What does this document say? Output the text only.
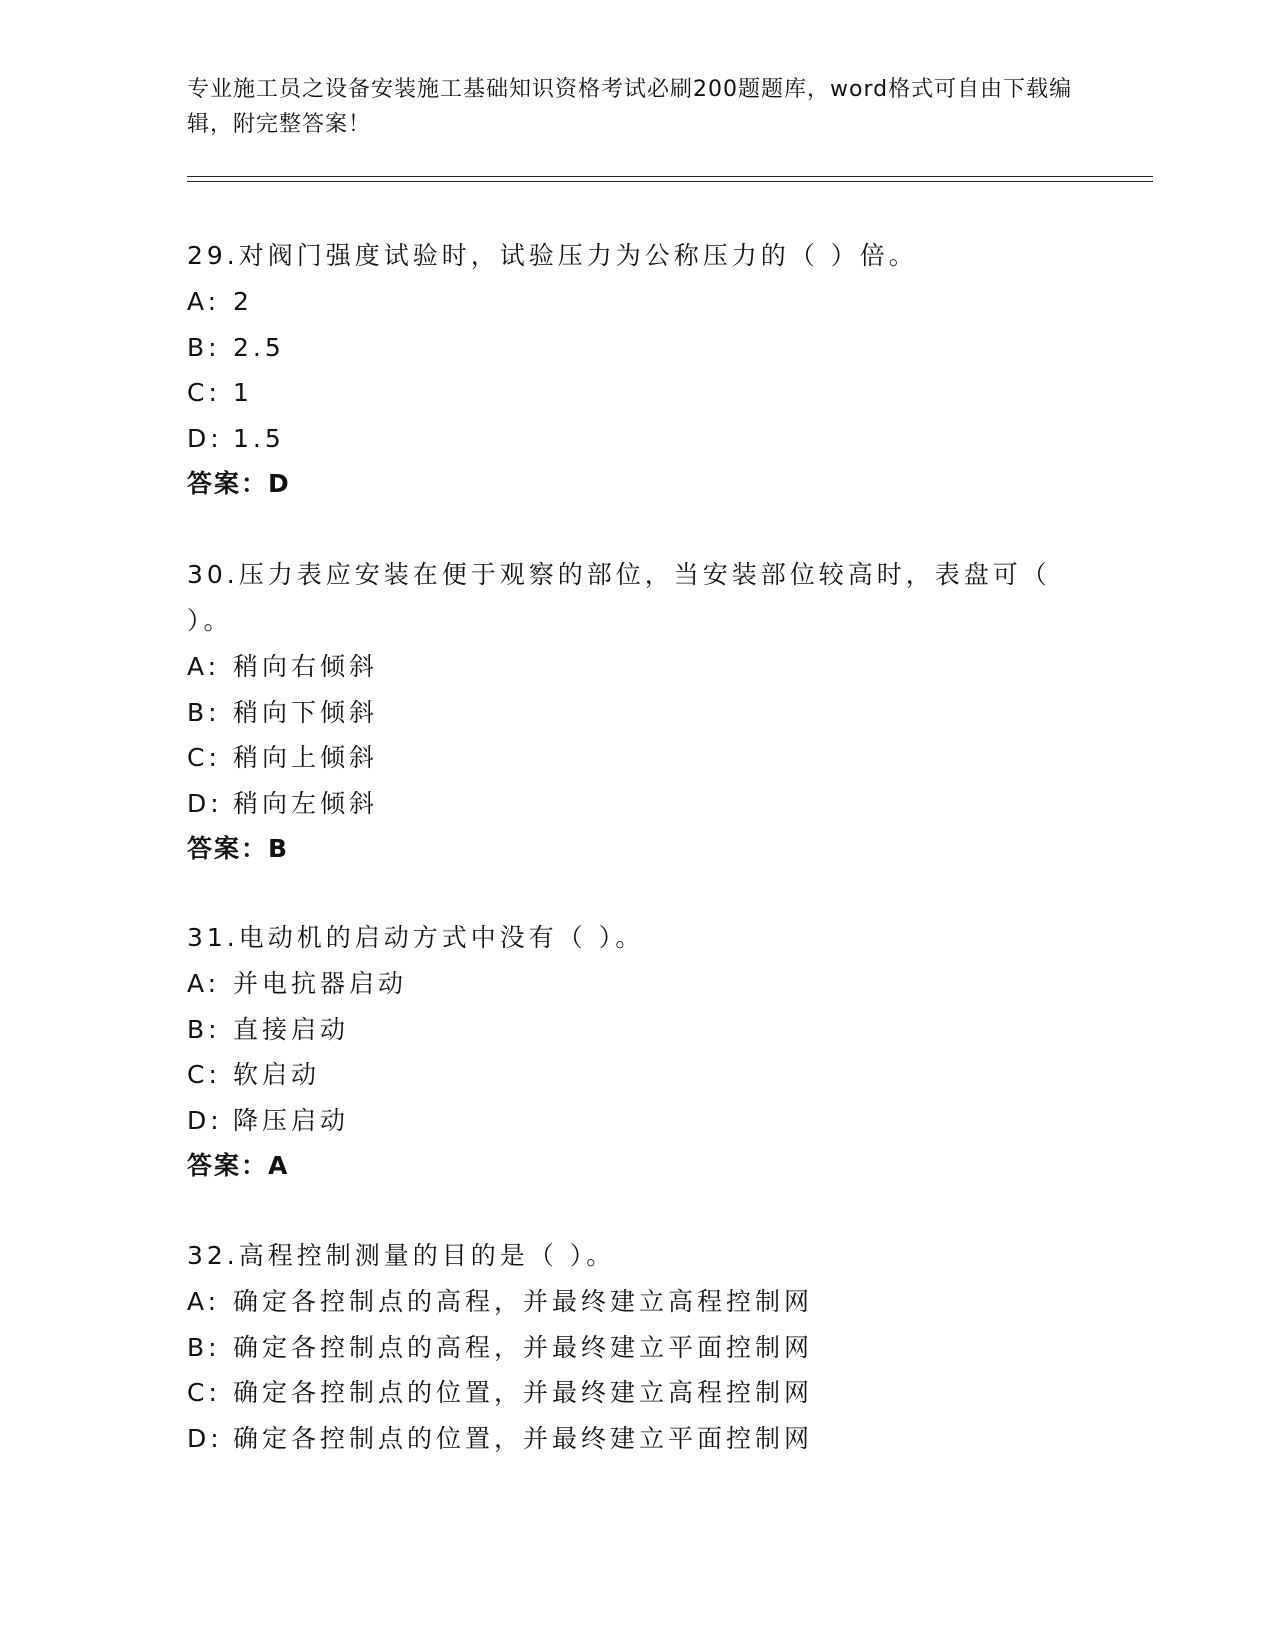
专业施工员之设备安装施工基础知识资格考试必刷200题题库，word格式可自由下载编辑，附完整答案！
29.对阀门强度试验时，试验压力为公称压力的（ ）倍。
A: 2
B: 2.5
C: 1
D: 1.5
答案：D
30.压力表应安装在便于观察的部位，当安装部位较高时，表盘可（ ）。
A: 稍向右倾斜
B: 稍向下倾斜
C: 稍向上倾斜
D: 稍向左倾斜
答案：B
31.电动机的启动方式中没有（ ）。
A: 并电抗器启动
B: 直接启动
C: 软启动
D: 降压启动
答案：A
32.高程控制测量的目的是（ ）。
A: 确定各控制点的高程，并最终建立高程控制网
B: 确定各控制点的高程，并最终建立平面控制网
C: 确定各控制点的位置，并最终建立高程控制网
D: 确定各控制点的位置，并最终建立平面控制网
